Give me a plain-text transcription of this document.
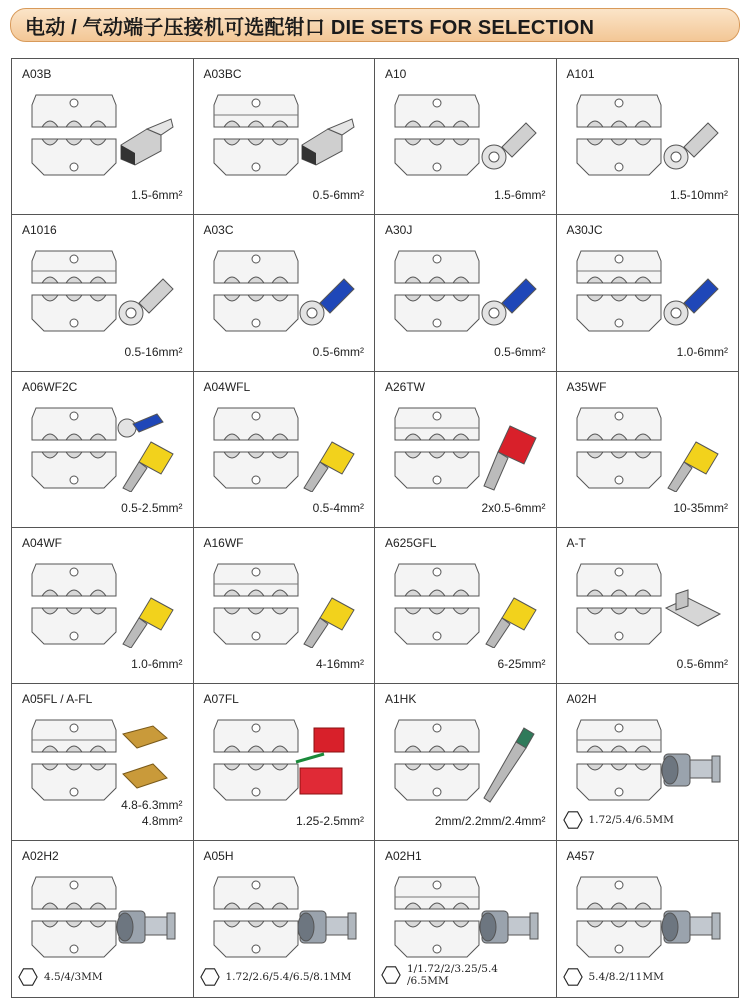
电动 / 气动端子压接机可选配钳口 DIE SETS FOR SELECTION
A03B
1.5-6mm²
A03BC
0.5-6mm²
A10
1.5-6mm²
A101
1.5-10mm²
A1016
0.5-16mm²
A03C
0.5-6mm²
A30J
0.5-6mm²
A30JC
1.0-6mm²
A06WF2C
0.5-2.5mm²
A04WFL
0.5-4mm²
A26TW
2x0.5-6mm²
A35WF
10-35mm²
A04WF
1.0-6mm²
A16WF
4-16mm²
A625GFL
6-25mm²
A-T
0.5-6mm²
A05FL / A-FL
4.8mm²
4.8-6.3mm²
A07FL
1.25-2.5mm²
A1HK
2mm/2.2mm/2.4mm²
A02H
1.72/5.4/6.5MM
A02H2
4.5/4/3MM
A05H
1.72/2.6/5.4/6.5/8.1MM
A02H1
1/1.72/2/3.25/5.4
/6.5MM
A457
5.4/8.2/11MM
